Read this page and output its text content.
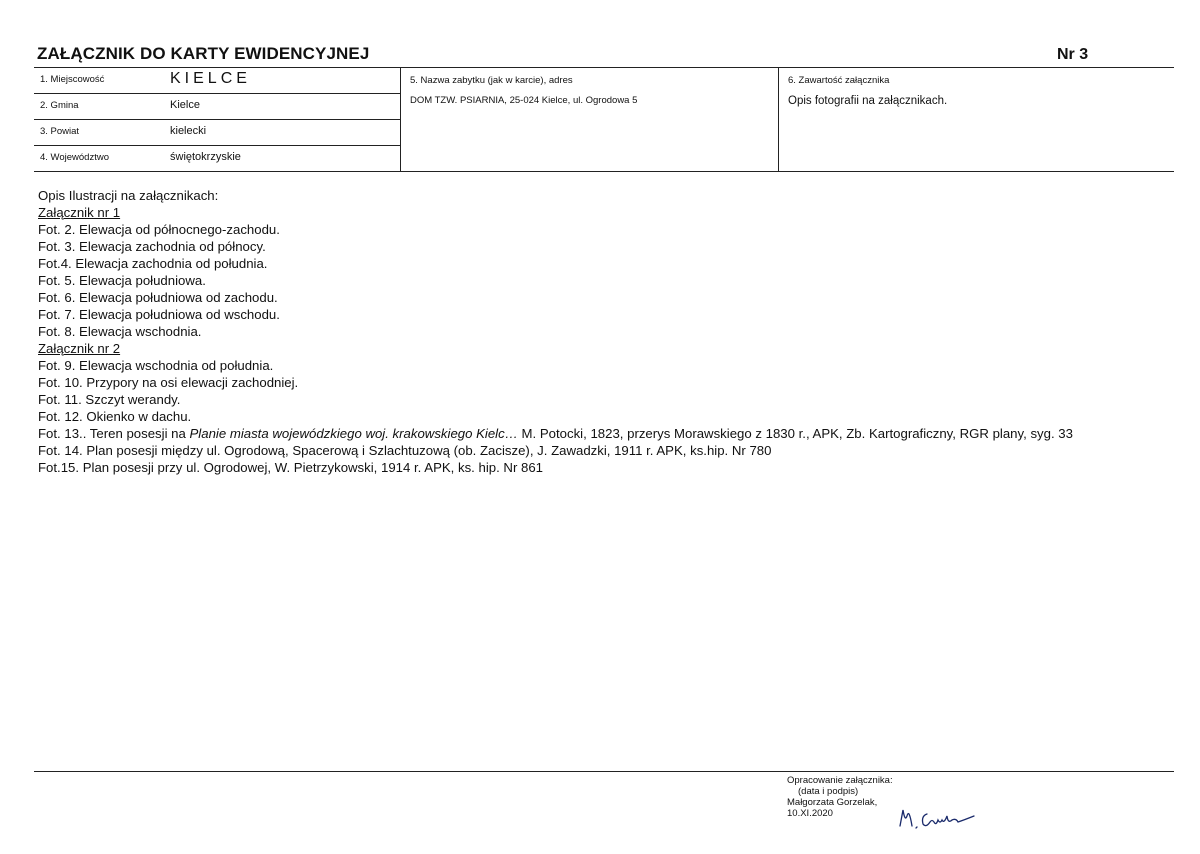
ZAŁĄCZNIK DO KARTY EWIDENCYJNEJ	Nr 3
1. Miejscowość	KIELCE
2. Gmina	Kielce
3. Powiat	kielecki
4. Województwo	świętokrzyskie
5. Nazwa zabytku (jak w karcie), adres
DOM TZW. PSIARNIA, 25-024 Kielce, ul. Ogrodowa 5
6. Zawartość załącznika
Opis fotografii na załącznikach.

Opis Ilustracji na załącznikach:

Załącznik nr 1

Fot. 2. Elewacja od północnego-zachodu.

Fot. 3. Elewacja zachodnia od północy.

Fot.4. Elewacja zachodnia od południa.

Fot. 5. Elewacja południowa.

Fot. 6. Elewacja południowa od zachodu.

Fot. 7. Elewacja południowa od wschodu.

Fot. 8. Elewacja wschodnia.

Załącznik nr 2

Fot. 9. Elewacja wschodnia od południa.

Fot. 10. Przypory na osi elewacji zachodniej.

Fot. 11. Szczyt werandy.

Fot. 12. Okienko w dachu.

Fot. 13.. Teren posesji na Planie miasta wojewódzkiego woj. krakowskiego Kielc… M. Potocki, 1823, przerys Morawskiego z 1830 r., APK, Zb. Kartograficzny, RGR plany, syg. 33

Fot. 14. Plan posesji między ul. Ogrodową, Spacerową i Szlachtuzową (ob. Zacisze), J. Zawadzki, 1911 r. APK, ks.hip. Nr 780

Fot.15. Plan posesji przy ul. Ogrodowej, W. Pietrzykowski, 1914 r. APK, ks. hip. Nr 861

Opracowanie załącznika:
(data i podpis)
Małgorzata Gorzelak,
10.XI.2020
